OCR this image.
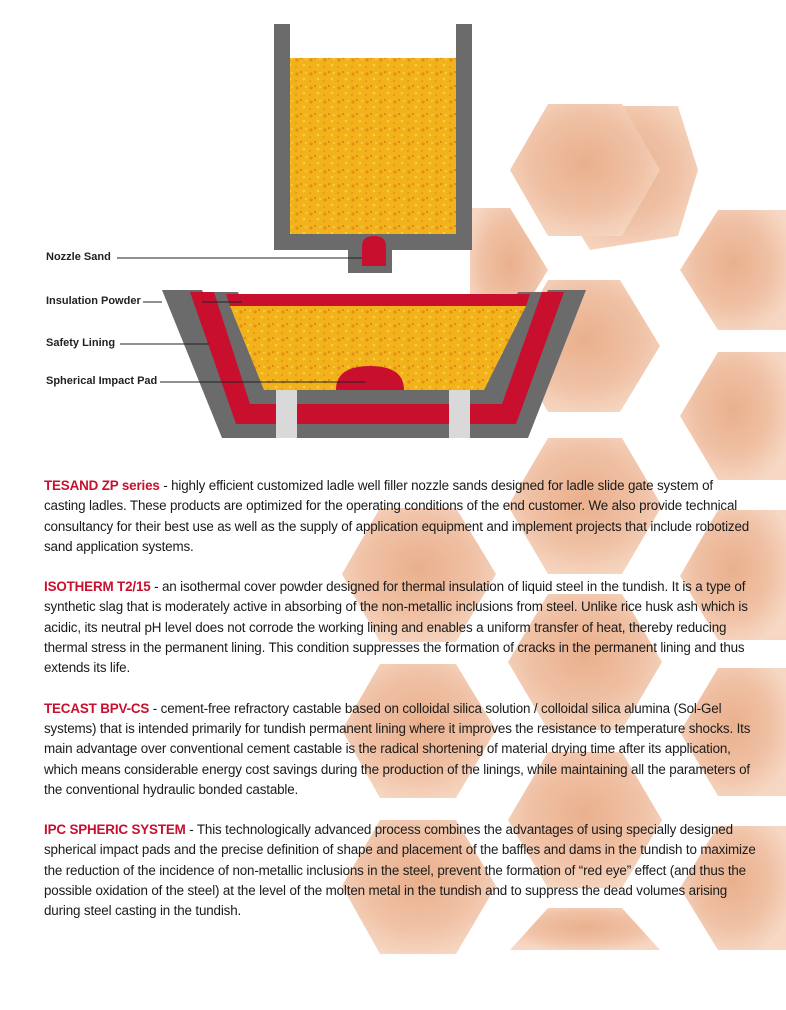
Nozzle Sand
Insulation Powder
Safety Lining
Spherical Impact Pad

TESAND ZP series - highly efficient customized ladle well filler nozzle sands designed for ladle slide gate system of casting ladles. These products are optimized for the operating conditions of the end customer. We also provide technical consultancy for their best use as well as the supply of application equipment and implement projects that include robotized sand application systems.

ISOTHERM T2/15 - an isothermal cover powder designed for thermal insulation of liquid steel in the tundish. It is a type of synthetic slag that is moderately active in absorbing of the non-metallic inclusions from steel. Unlike rice husk ash which is acidic, its neutral pH level does not corrode the working lining and enables a uniform transfer of heat, thereby reducing thermal stress in the permanent lining. This condition suppresses the formation of cracks in the permanent lining and thus extends its life.

TECAST BPV-CS - cement-free refractory castable based on colloidal silica solution / colloidal silica alumina (Sol-Gel systems) that is intended primarily for tundish permanent lining where it improves the resistance to temperature shocks. Its main advantage over conventional cement castable is the radical shortening of material drying time after its application, which means considerable energy cost savings during the production of the linings, while maintaining all the parameters of the conventional hydraulic bonded castable.

IPC SPHERIC SYSTEM - This technologically advanced process combines the advantages of using specially designed spherical impact pads and the precise definition of shape and placement of the baffles and dams in the tundish to maximize the reduction of the incidence of non-metallic inclusions in the steel, prevent the formation of “red eye” effect (and thus the possible oxidation of the steel) at the level of the molten metal in the tundish and to suppress the dead volumes arising during steel casting in the tundish.
